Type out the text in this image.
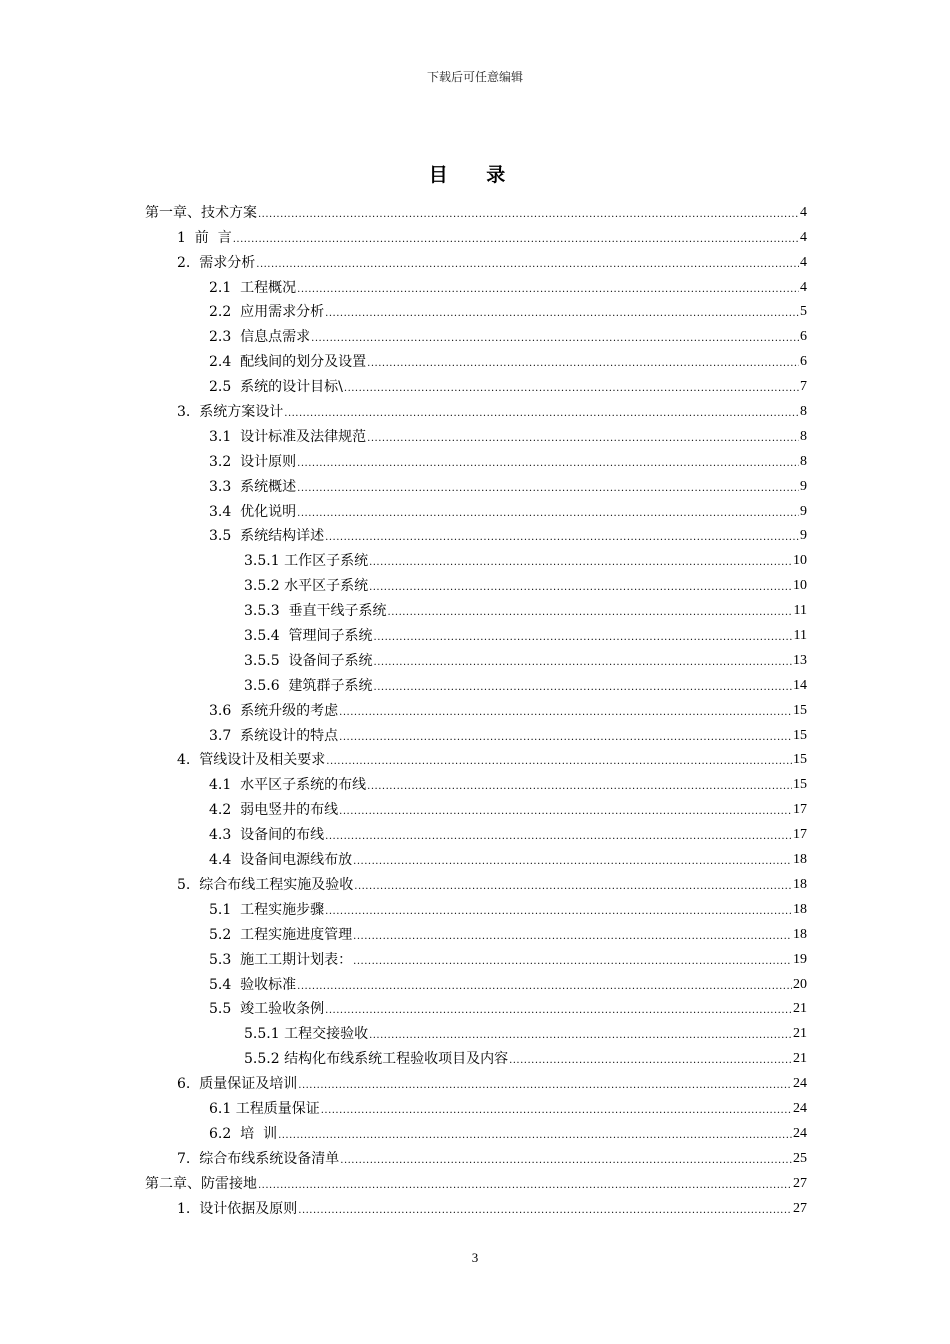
下载后可任意编辑
目 录
第一章、技术方案 .....	4
1  前  言 .....	4
2.  需求分析 .....	4
2.1  工程概况 .....	4
2.2  应用需求分析 .....	5
2.3  信息点需求 .....	6
2.4  配线间的划分及设置 .....	6
2.5  系统的设计目标\ .....	7
3.  系统方案设计 .....	8
3.1  设计标准及法律规范 .....	8
3.2  设计原则 .....	8
3.3  系统概述 .....	9
3.4  优化说明 .....	9
3.5  系统结构详述 .....	9
3.5.1 工作区子系统 .....	10
3.5.2 水平区子系统 .....	10
3.5.3  垂直干线子系统 .....	11
3.5.4  管理间子系统 .....	11
3.5.5  设备间子系统 .....	13
3.5.6  建筑群子系统 .....	14
3.6  系统升级的考虑 .....	15
3.7  系统设计的特点 .....	15
4.  管线设计及相关要求 .....	15
4.1  水平区子系统的布线 .....	15
4.2  弱电竖井的布线 .....	17
4.3  设备间的布线 .....	17
4.4  设备间电源线布放 .....	18
5.  综合布线工程实施及验收 .....	18
5.1  工程实施步骤 .....	18
5.2  工程实施进度管理 .....	18
5.3  施工工期计划表： .....	19
5.4  验收标准 .....	20
5.5  竣工验收条例 .....	21
5.5.1 工程交接验收 .....	21
5.5.2 结构化布线系统工程验收项目及内容 .....	21
6.  质量保证及培训 .....	24
6.1 工程质量保证 .....	24
6.2  培  训 .....	24
7.  综合布线系统设备清单 .....	25
第二章、防雷接地 .....	27
1.  设计依据及原则 .....	27
3
